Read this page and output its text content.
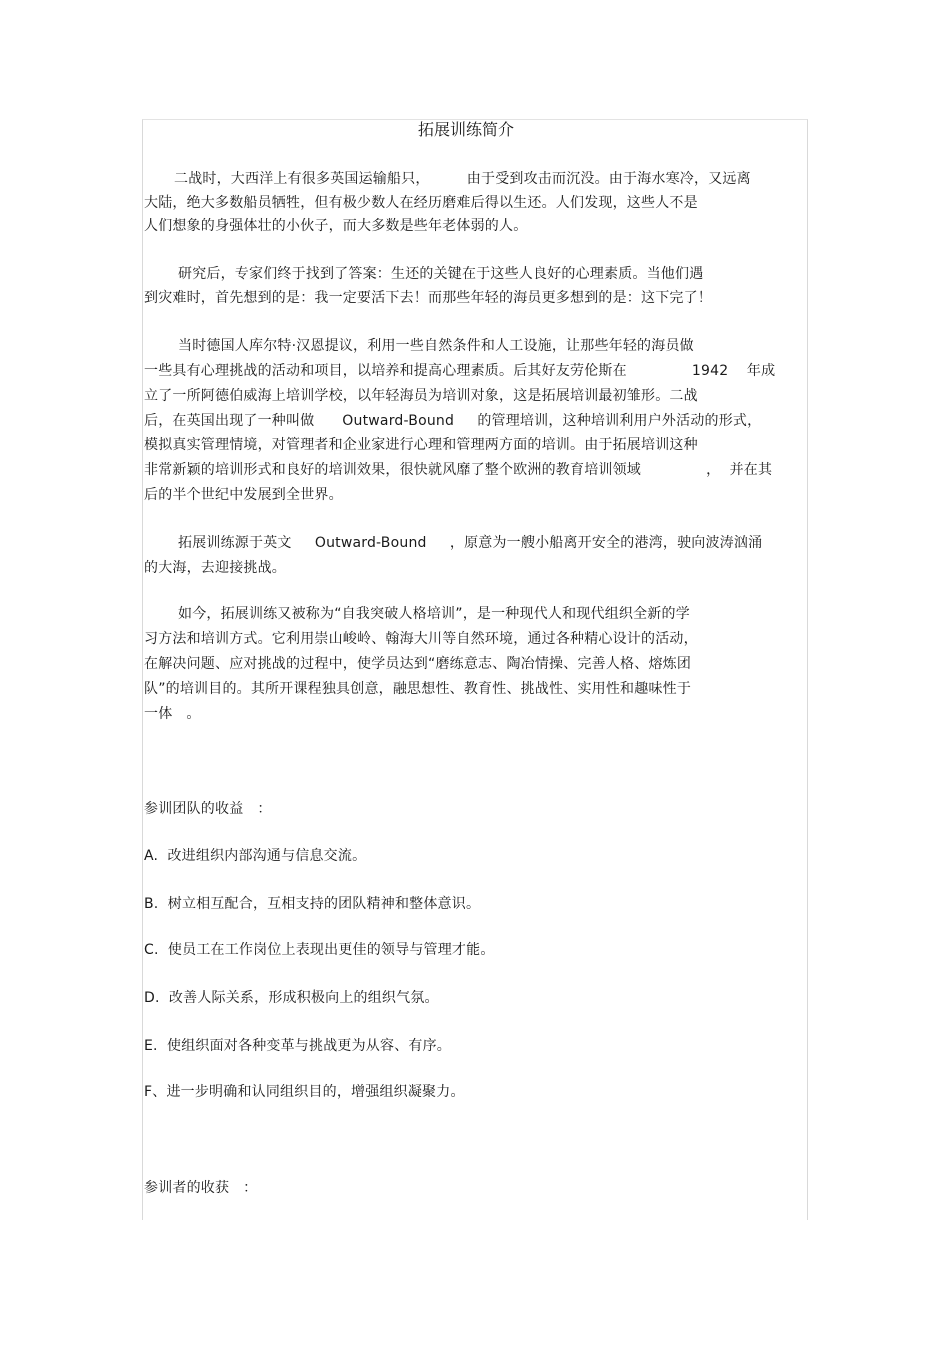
拓展训练简介
二战时，大西洋上有很多英国运输船只，        由于受到攻击而沉没。由于海水寒冷，又远离
大陆，绝大多数船员牺牲，但有极少数人在经历磨难后得以生还。人们发现，这些人不是
人们想象的身强体壮的小伙子，而大多数是些年老体弱的人。
研究后，专家们终于找到了答案：生还的关键在于这些人良好的心理素质。当他们遇
到灾难时，首先想到的是：我一定要活下去！而那些年轻的海员更多想到的是：这下完了！
当时德国人库尔特·汉恩提议，利用一些自然条件和人工设施，让那些年轻的海员做
一些具有心理挑战的活动和项目，以培养和提高心理素质。后其好友劳伦斯在              1942    年成
立了一所阿德伯威海上培训学校，以年轻海员为培训对象，这是拓展培训最初雏形。二战
后，在英国出现了一种叫做      Outward-Bound     的管理培训，这种培训利用户外活动的形式，
模拟真实管理情境，对管理者和企业家进行心理和管理两方面的培训。由于拓展培训这种
非常新颖的培训形式和良好的培训效果，很快就风靡了整个欧洲的教育培训领域              ，  并在其
后的半个世纪中发展到全世界。
拓展训练源于英文     Outward-Bound     ，原意为一艘小船离开安全的港湾，驶向波涛汹涌
的大海，去迎接挑战。
如今，拓展训练又被称为“自我突破人格培训”，是一种现代人和现代组织全新的学
习方法和培训方式。它利用崇山峻岭、翰海大川等自然环境，通过各种精心设计的活动，
在解决问题、应对挑战的过程中，使学员达到“磨练意志、陶冶情操、完善人格、熔炼团
队”的培训目的。其所开课程独具创意，融思想性、教育性、挑战性、实用性和趣味性于
一体   。
参训团队的收益   ：
A.  改进组织内部沟通与信息交流。
B.  树立相互配合，互相支持的团队精神和整体意识。
C.  使员工在工作岗位上表现出更佳的领导与管理才能。
D.  改善人际关系，形成积极向上的组织气氛。
E.  使组织面对各种变革与挑战更为从容、有序。
F、进一步明确和认同组织目的，增强组织凝聚力。
参训者的收获   ：
